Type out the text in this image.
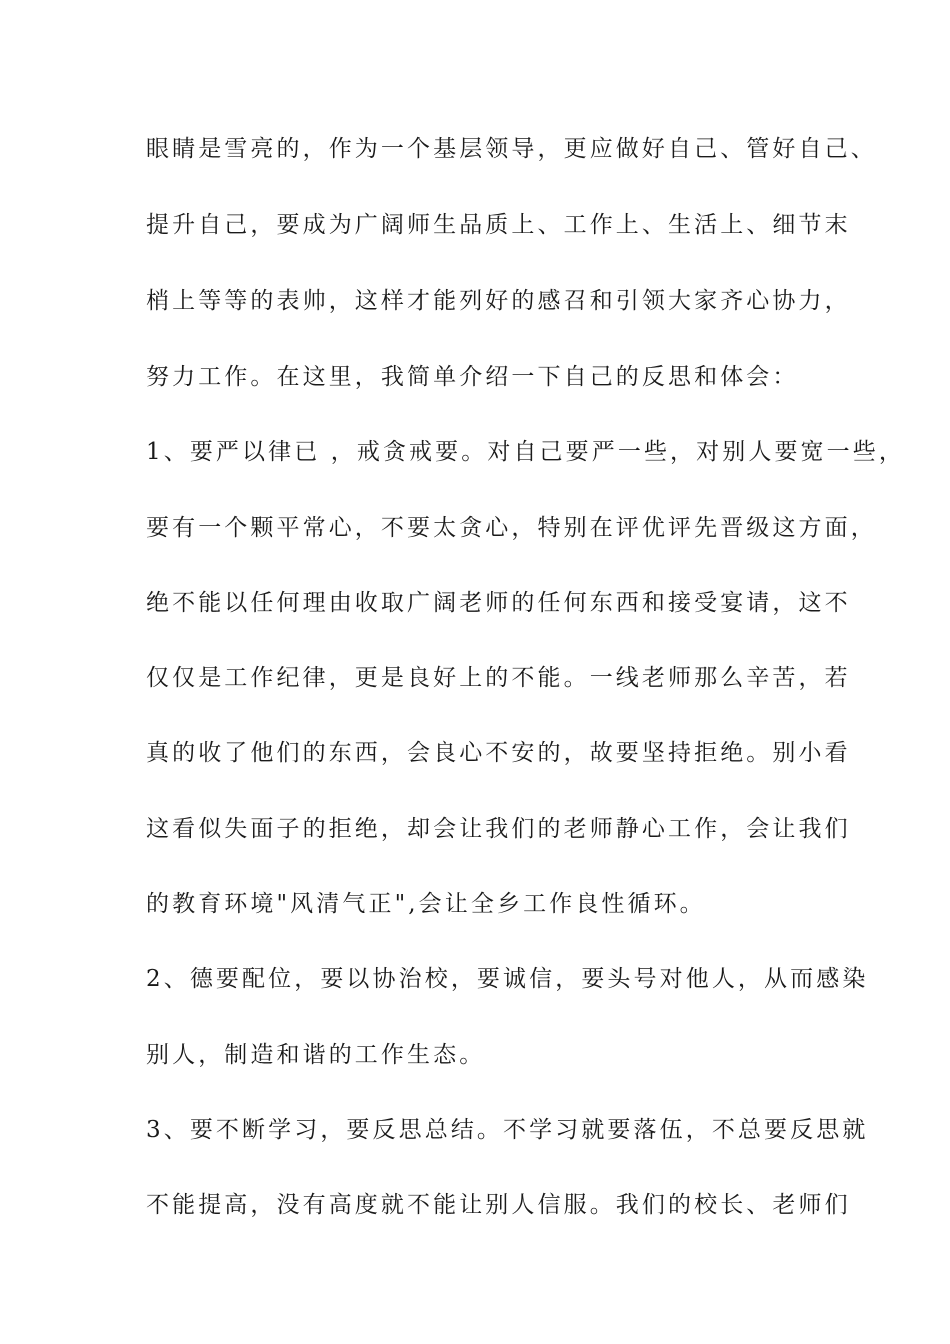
眼睛是雪亮的，作为一个基层领导，更应做好自己、管好自己、
提升自己，要成为广阔师生品质上、工作上、生活上、细节末
梢上等等的表帅，这样才能列好的感召和引领大家齐心协力，
努力工作。在这里，我简单介绍一下自己的反思和体会：
1、要严以律已 ，戒贪戒要。对自己要严一些，对别人要宽一些，
要有一个颗平常心，不要太贪心，特别在评优评先晋级这方面，
绝不能以任何理由收取广阔老师的任何东西和接受宴请，这不
仅仅是工作纪律，更是良好上的不能。一线老师那么辛苦，若
真的收了他们的东西，会良心不安的，故要坚持拒绝。别小看
这看似失面子的拒绝，却会让我们的老师静心工作，会让我们
的教育环境"风清气正",会让全乡工作良性循环。
2、德要配位，要以协治校，要诚信，要头号对他人，从而感染
别人，制造和谐的工作生态。
3、要不断学习，要反思总结。不学习就要落伍，不总要反思就
不能提高，没有高度就不能让别人信服。我们的校长、老师们
